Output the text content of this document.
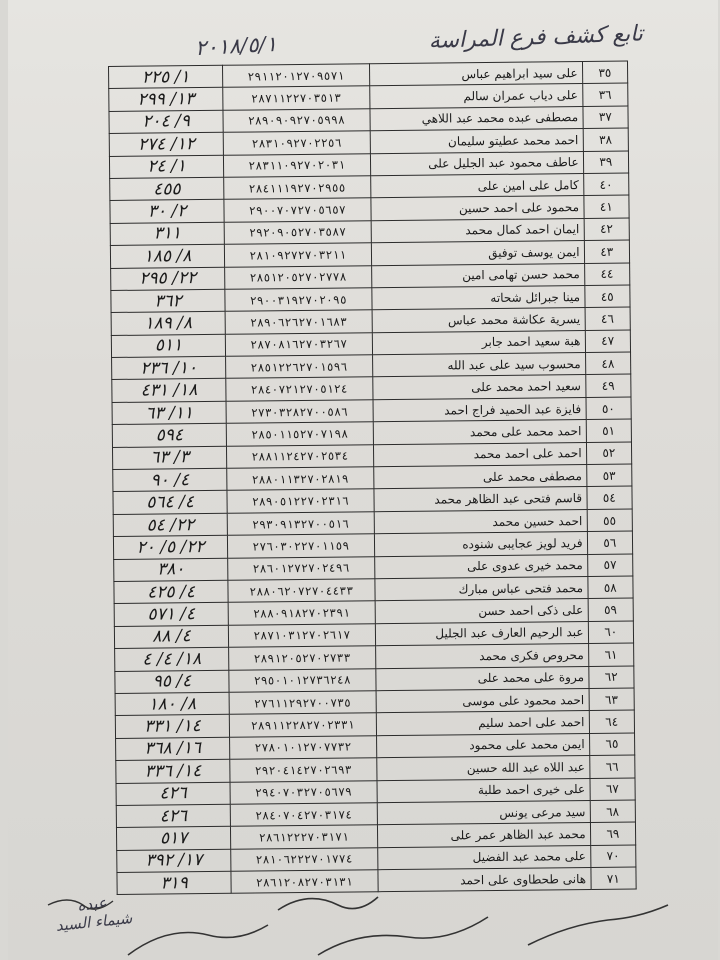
تابع كشف فرع المراسة
٢٠١٨/٥/١
١/ ٢٢٥	٢٩١١٢٠١٢٧٠٩٥٧١	على سيد ابراهيم عباس	٣٥
١٣/ ٢٩٩	٢٨٧١١٢٢٧٠٣٥١٣	على دياب عمران سالم	٣٦
٩/ ٢٠٤	٢٨٩٠٩٠٩٢٧٠٥٩٩٨	مصطفى عبده محمد عبد اللاهي	٣٧
١٢/ ٢٧٤	٢٨٣١٠٩٢٧٠٢٢٥٦	احمد محمد عطيتو سليمان	٣٨
١/ ٢٤	٢٨٣١١٠٩٢٧٠٢٠٣١	عاطف محمود عبد الجليل على	٣٩
٤٥٥	٢٨٤١١١٩٢٧٠٢٩٥٥	كامل على امين على	٤٠
٢/ ٣٠	٢٩٠٠٧٠٧٢٧٠٥٦٥٧	محمود على احمد حسين	٤١
٣١١	٢٩٢٠٩٠٥٢٧٠٣٥٨٧	ايمان احمد كمال محمد	٤٢
٨/ ١٨٥	٢٨١٠٩٢٧٢٧٠٣٢١١	ايمن يوسف توفيق	٤٣
٢٢/ ٢٩٥	٢٨٥١٢٠٥٢٧٠٢٧٧٨	محمد حسن تهامى امين	٤٤
٣٦٢	٢٩٠٠٣١٩٢٧٠٢٠٩٥	مينا جبرائل شحاته	٤٥
٨/ ١٨٩	٢٨٩٠٦٢٦٢٧٠١٦٨٣	يسرية عكاشة محمد عباس	٤٦
٥١١	٢٨٧٠٨١٦٢٧٠٣٢٦٧	هبة سعيد احمد جابر	٤٧
١٠/ ٢٣٦	٢٨٥١٢٢٦٢٧٠١٥٩٦	محسوب سيد على عبد الله	٤٨
١٨/ ٤٣١	٢٨٤٠٧٢١٢٧٠٥١٢٤	سعيد احمد محمد على	٤٩
١١/ ٦٣	٢٧٣٠٣٢٨٢٧٠٠٥٨٦	فايزة عبد الحميد فراج احمد	٥٠
٥٩٤	٢٨٥٠١١٥٢٧٠٧١٩٨	احمد محمد على محمد	٥١
٣/ ٦٣	٢٨٨١١٢٤٢٧٠٢٥٣٤	احمد على احمد محمد	٥٢
٤/ ٩٠	٢٨٨٠١١٣٢٧٠٢٨١٩	مصطفى محمد على	٥٣
٤/ ٥٦٤	٢٨٩٠٥١٢٢٧٠٢٣١٦	قاسم فتحى عبد الظاهر محمد	٥٤
٢٢/ ٥٤	٢٩٣٠٩١٣٢٧٠٠٥١٦	احمد حسين محمد	٥٥
٢٢/ ٥/ ٢٠	٢٧٦٠٣٠٢٢٧٠١١٥٩	فريد لويز عجايبى شنوده	٥٦
٣٨٠	٢٨٦٠١٢٧٢٧٠٢٤٩٦	محمد خيرى عدوى على	٥٧
٤/ ٤٢٥	٢٨٨٠٦٢٠٧٢٧٠٤٤٣٣	محمد فتحى عباس مبارك	٥٨
٤/ ٥٧١	٢٨٨٠٩١٨٢٧٠٢٣٩١	على ذكى احمد حسن	٥٩
٤/ ٨٨	٢٨٧١٠٣١٢٧٠٢٦١٧	عبد الرحيم العارف عبد الجليل	٦٠
١٨/ ٤/ ٤	٢٨٩١٢٠٥٢٧٠٢٧٣٣	محروص فكرى محمد	٦١
٤/ ٩٥	٢٩٥٠١٠١٢٧٣٦٢٤٨	مروة على محمد على	٦٢
٨/ ١٨٠	٢٧٦١١٢٩٢٧٠٠٧٣٥	احمد محمود على موسى	٦٣
١٤/ ٣٣١	٢٨٩١١٢٢٨٢٧٠٢٣٣١	احمد على احمد سليم	٦٤
١٦/ ٣٦٨	٢٧٨٠١٠١٢٧٠٧٧٣٢	ايمن محمد على محمود	٦٥
١٤/ ٣٣٦	٢٩٢٠٤١٤٢٧٠٢٦٩٣	عبد اللاه عبد الله حسين	٦٦
٤٢٦	٢٩٤٠٧٠٣٢٧٠٥٦٧٩	على خيرى احمد طلبة	٦٧
٤٢٦	٢٨٤٠٧٠٤٢٧٠٣١٧٤	سيد مرعى يونس	٦٨
٥١٧	٢٨٦١٢٢٢٧٠٣١٧١	محمد عبد الظاهر عمر على	٦٩
١٧/ ٣٩٢	٢٨١٠٦٢٢٢٧٠١٧٧٤	على محمد عبد الفضيل	٧٠
٣١٩	٢٨٦١٢٠٨٢٧٠٣١٣١	هانى طحطاوى على احمد	٧١
عبده
شيماء السيد
